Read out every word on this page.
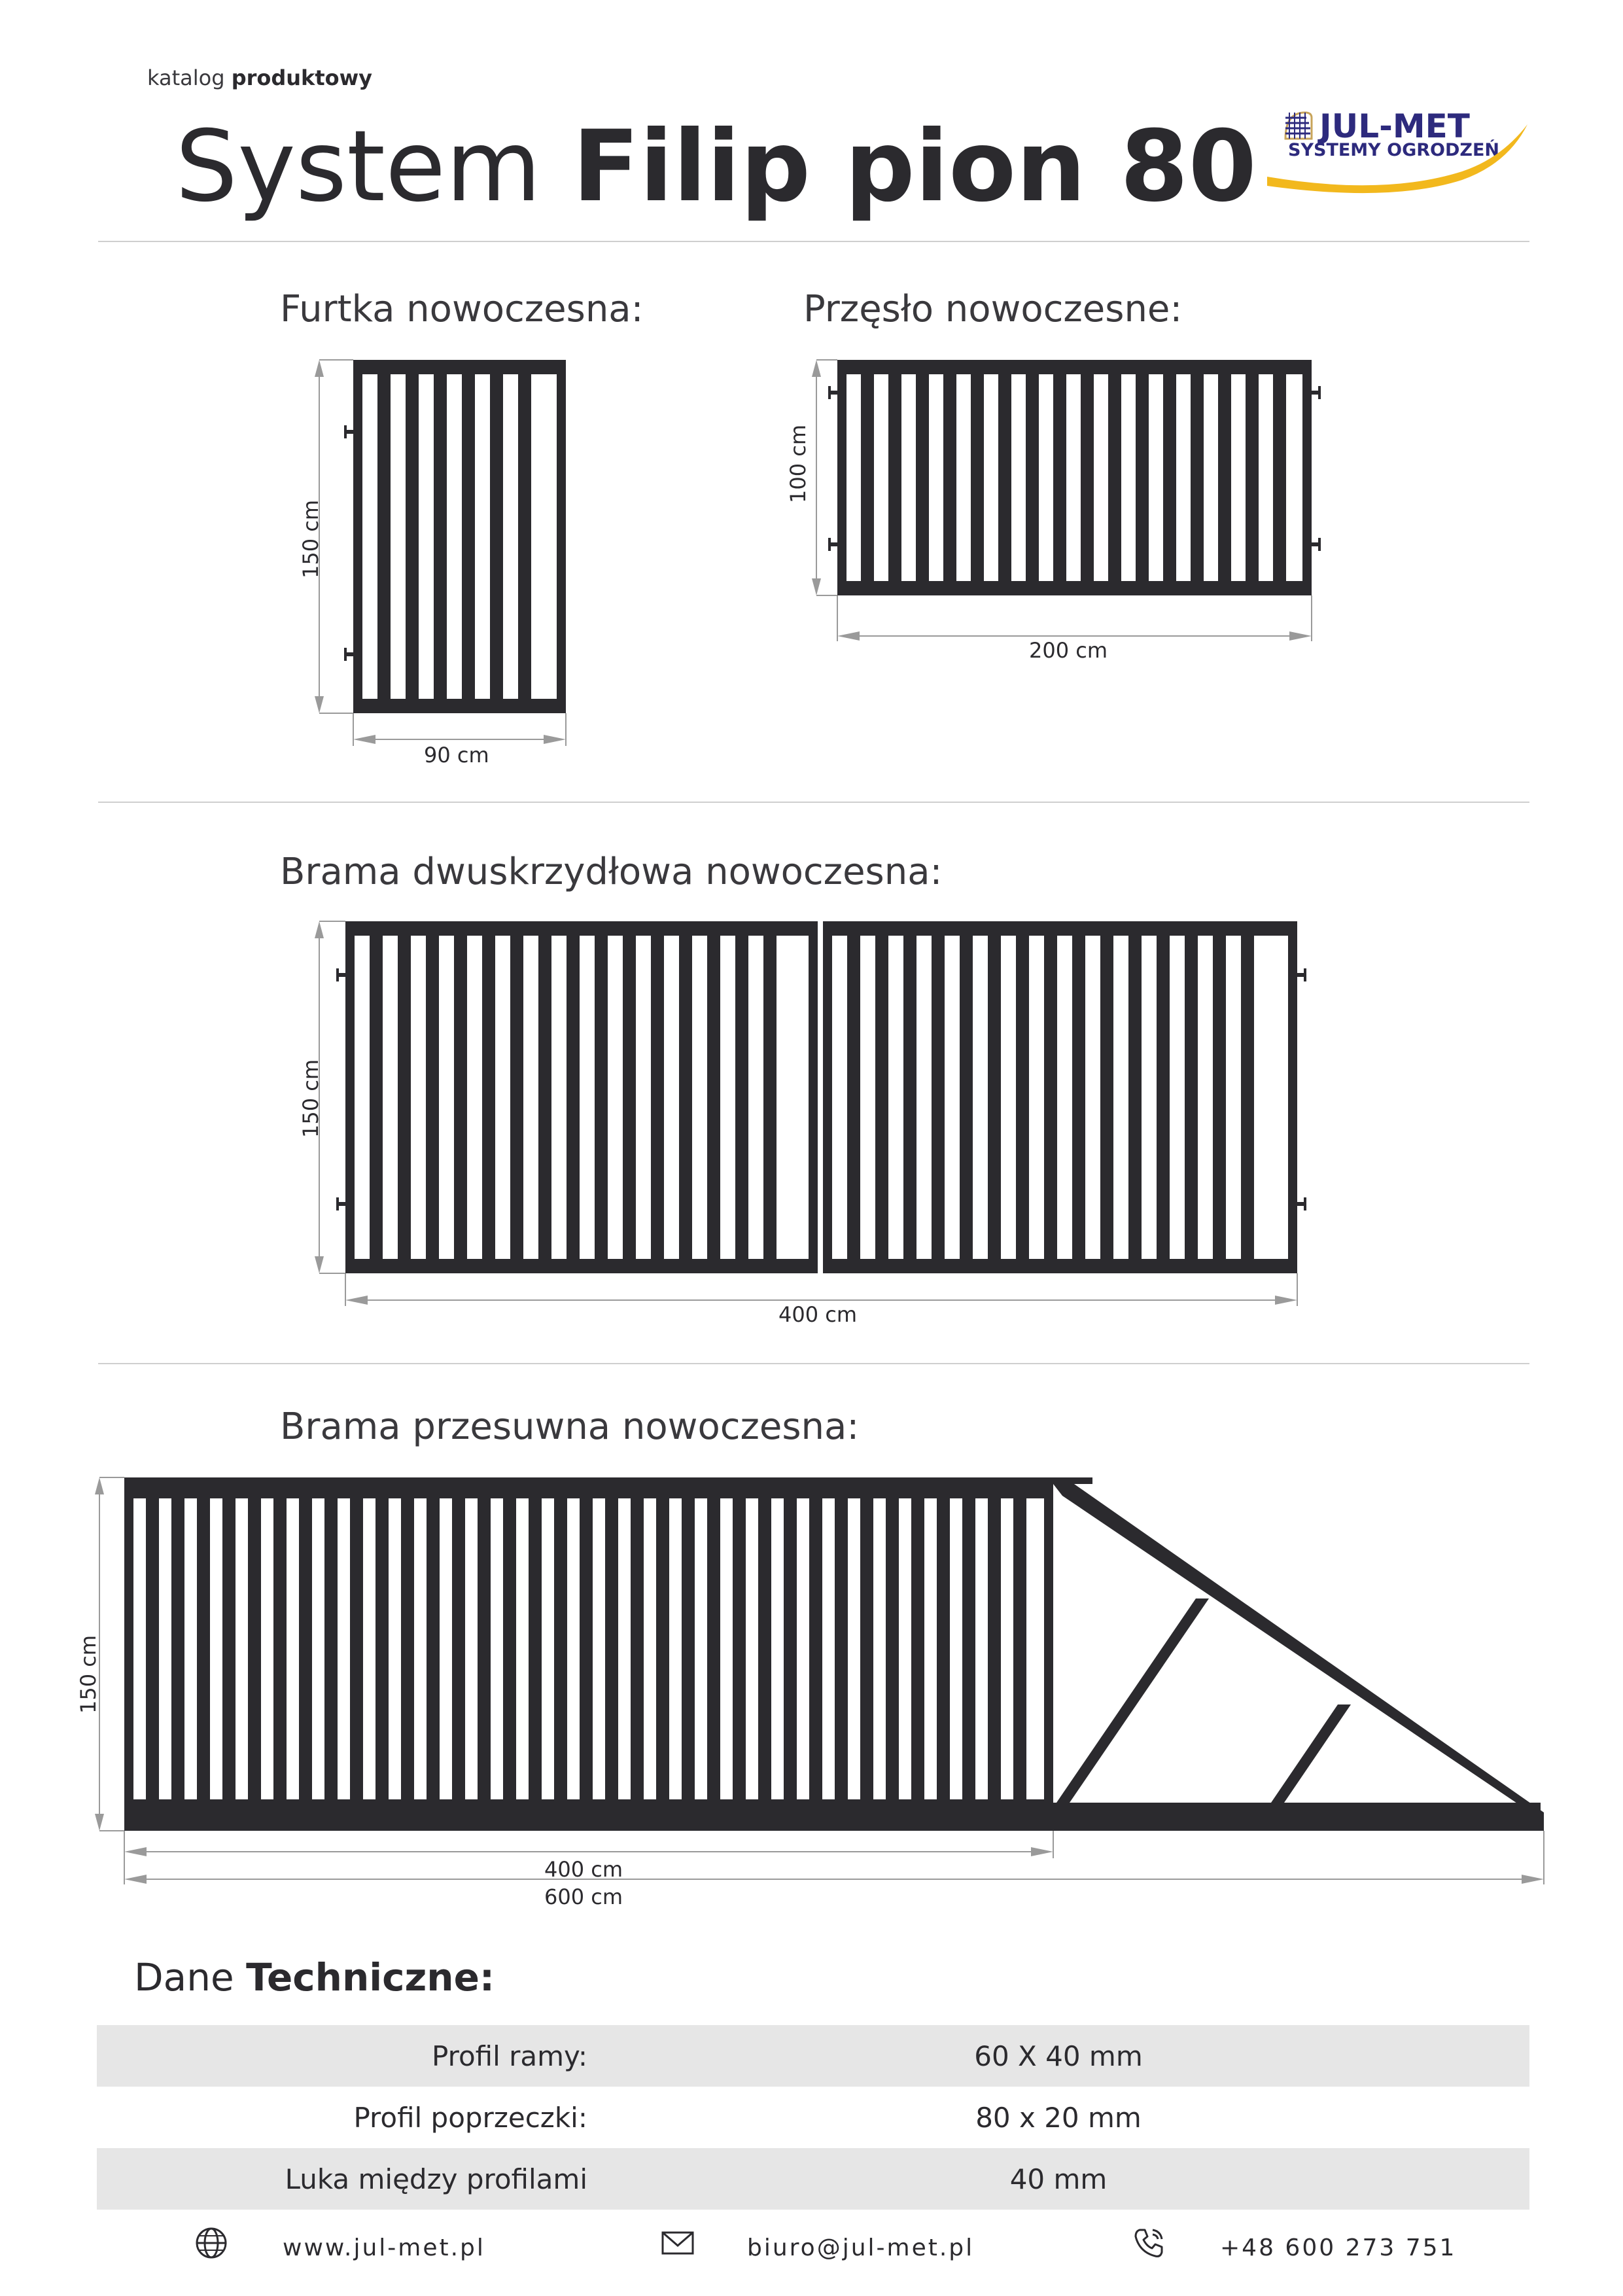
katalog produktowy
System Filip pion 80 JUL-MET
SYSTEMY OGRODZEŃ
Furtka nowoczesna:	Przęsło nowoczesne:
150 cm
90 cm
100 cm
200 cm
Brama dwuskrzydłowa nowoczesna:
150 cm
400 cm
Brama przesuwna nowoczesna:
150 cm
400 cm
600 cm
Dane Techniczne:
Profil ramy:	60 X 40 mm
Profil poprzeczki:	80 x 20 mm
Luka między profilami	40 mm
www.jul-met.pl	biuro@jul-met.pl	+48 600 273 751
